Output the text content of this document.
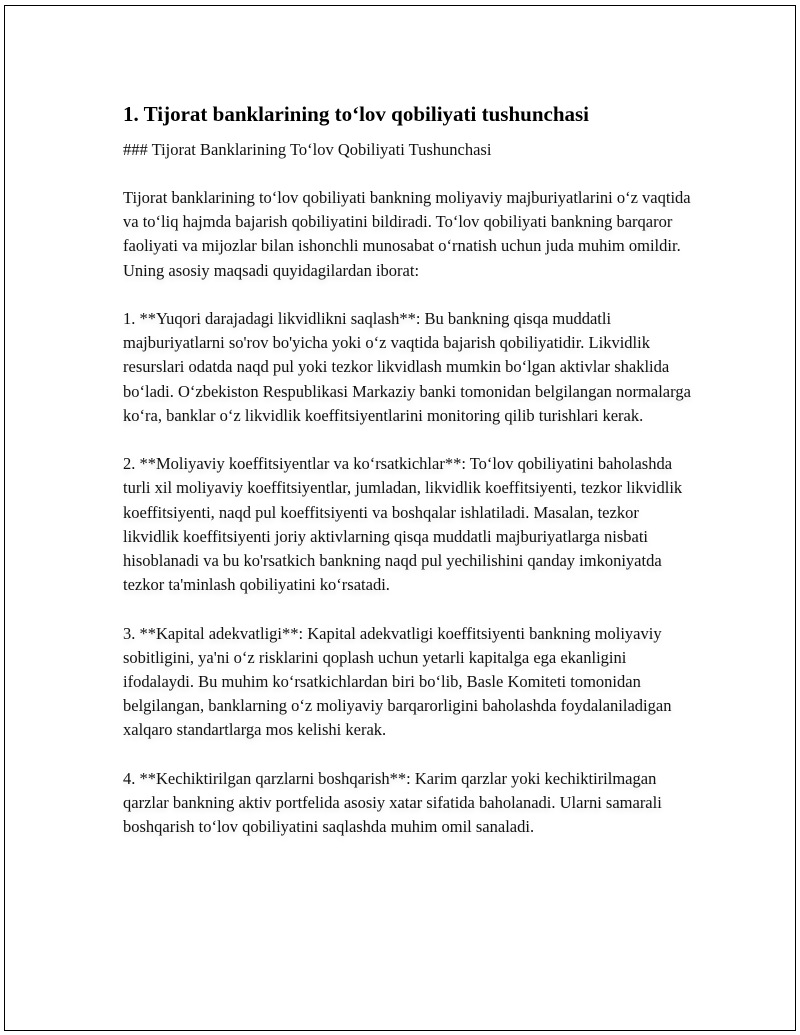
1. Tijorat banklarining to‘lov qobiliyati tushunchasi

### Tijorat Banklarining To‘lov Qobiliyati Tushunchasi

Tijorat banklarining to‘lov qobiliyati bankning moliyaviy majburiyatlarini o‘z vaqtida va to‘liq hajmda bajarish qobiliyatini bildiradi. To‘lov qobiliyati bankning barqaror faoliyati va mijozlar bilan ishonchli munosabat o‘rnatish uchun juda muhim omildir. Uning asosiy maqsadi quyidagilardan iborat:

1. **Yuqori darajadagi likvidlikni saqlash**: Bu bankning qisqa muddatli majburiyatlarni so'rov bo'yicha yoki o‘z vaqtida bajarish qobiliyatidir. Likvidlik resurslari odatda naqd pul yoki tezkor likvidlash mumkin bo‘lgan aktivlar shaklida bo‘ladi. O‘zbekiston Respublikasi Markaziy banki tomonidan belgilangan normalarga ko‘ra, banklar o‘z likvidlik koeffitsiyentlarini monitoring qilib turishlari kerak.

2. **Moliyaviy koeffitsiyentlar va ko‘rsatkichlar**: To‘lov qobiliyatini baholashda turli xil moliyaviy koeffitsiyentlar, jumladan, likvidlik koeffitsiyenti, tezkor likvidlik koeffitsiyenti, naqd pul koeffitsiyenti va boshqalar ishlatiladi. Masalan, tezkor likvidlik koeffitsiyenti joriy aktivlarning qisqa muddatli majburiyatlarga nisbati hisoblanadi va bu ko'rsatkich bankning naqd pul yechilishini qanday imkoniyatda tezkor ta'minlash qobiliyatini ko‘rsatadi.

3. **Kapital adekvatligi**: Kapital adekvatligi koeffitsiyenti bankning moliyaviy sobitligini, ya'ni o‘z risklarini qoplash uchun yetarli kapitalga ega ekanligini ifodalaydi. Bu muhim ko‘rsatkichlardan biri bo‘lib, Basle Komiteti tomonidan belgilangan, banklarning o‘z moliyaviy barqarorligini baholashda foydalaniladigan xalqaro standartlarga mos kelishi kerak.

4. **Kechiktirilgan qarzlarni boshqarish**: Karim qarzlar yoki kechiktirilmagan qarzlar bankning aktiv portfelida asosiy xatar sifatida baholanadi. Ularni samarali boshqarish to‘lov qobiliyatini saqlashda muhim omil sanaladi.
